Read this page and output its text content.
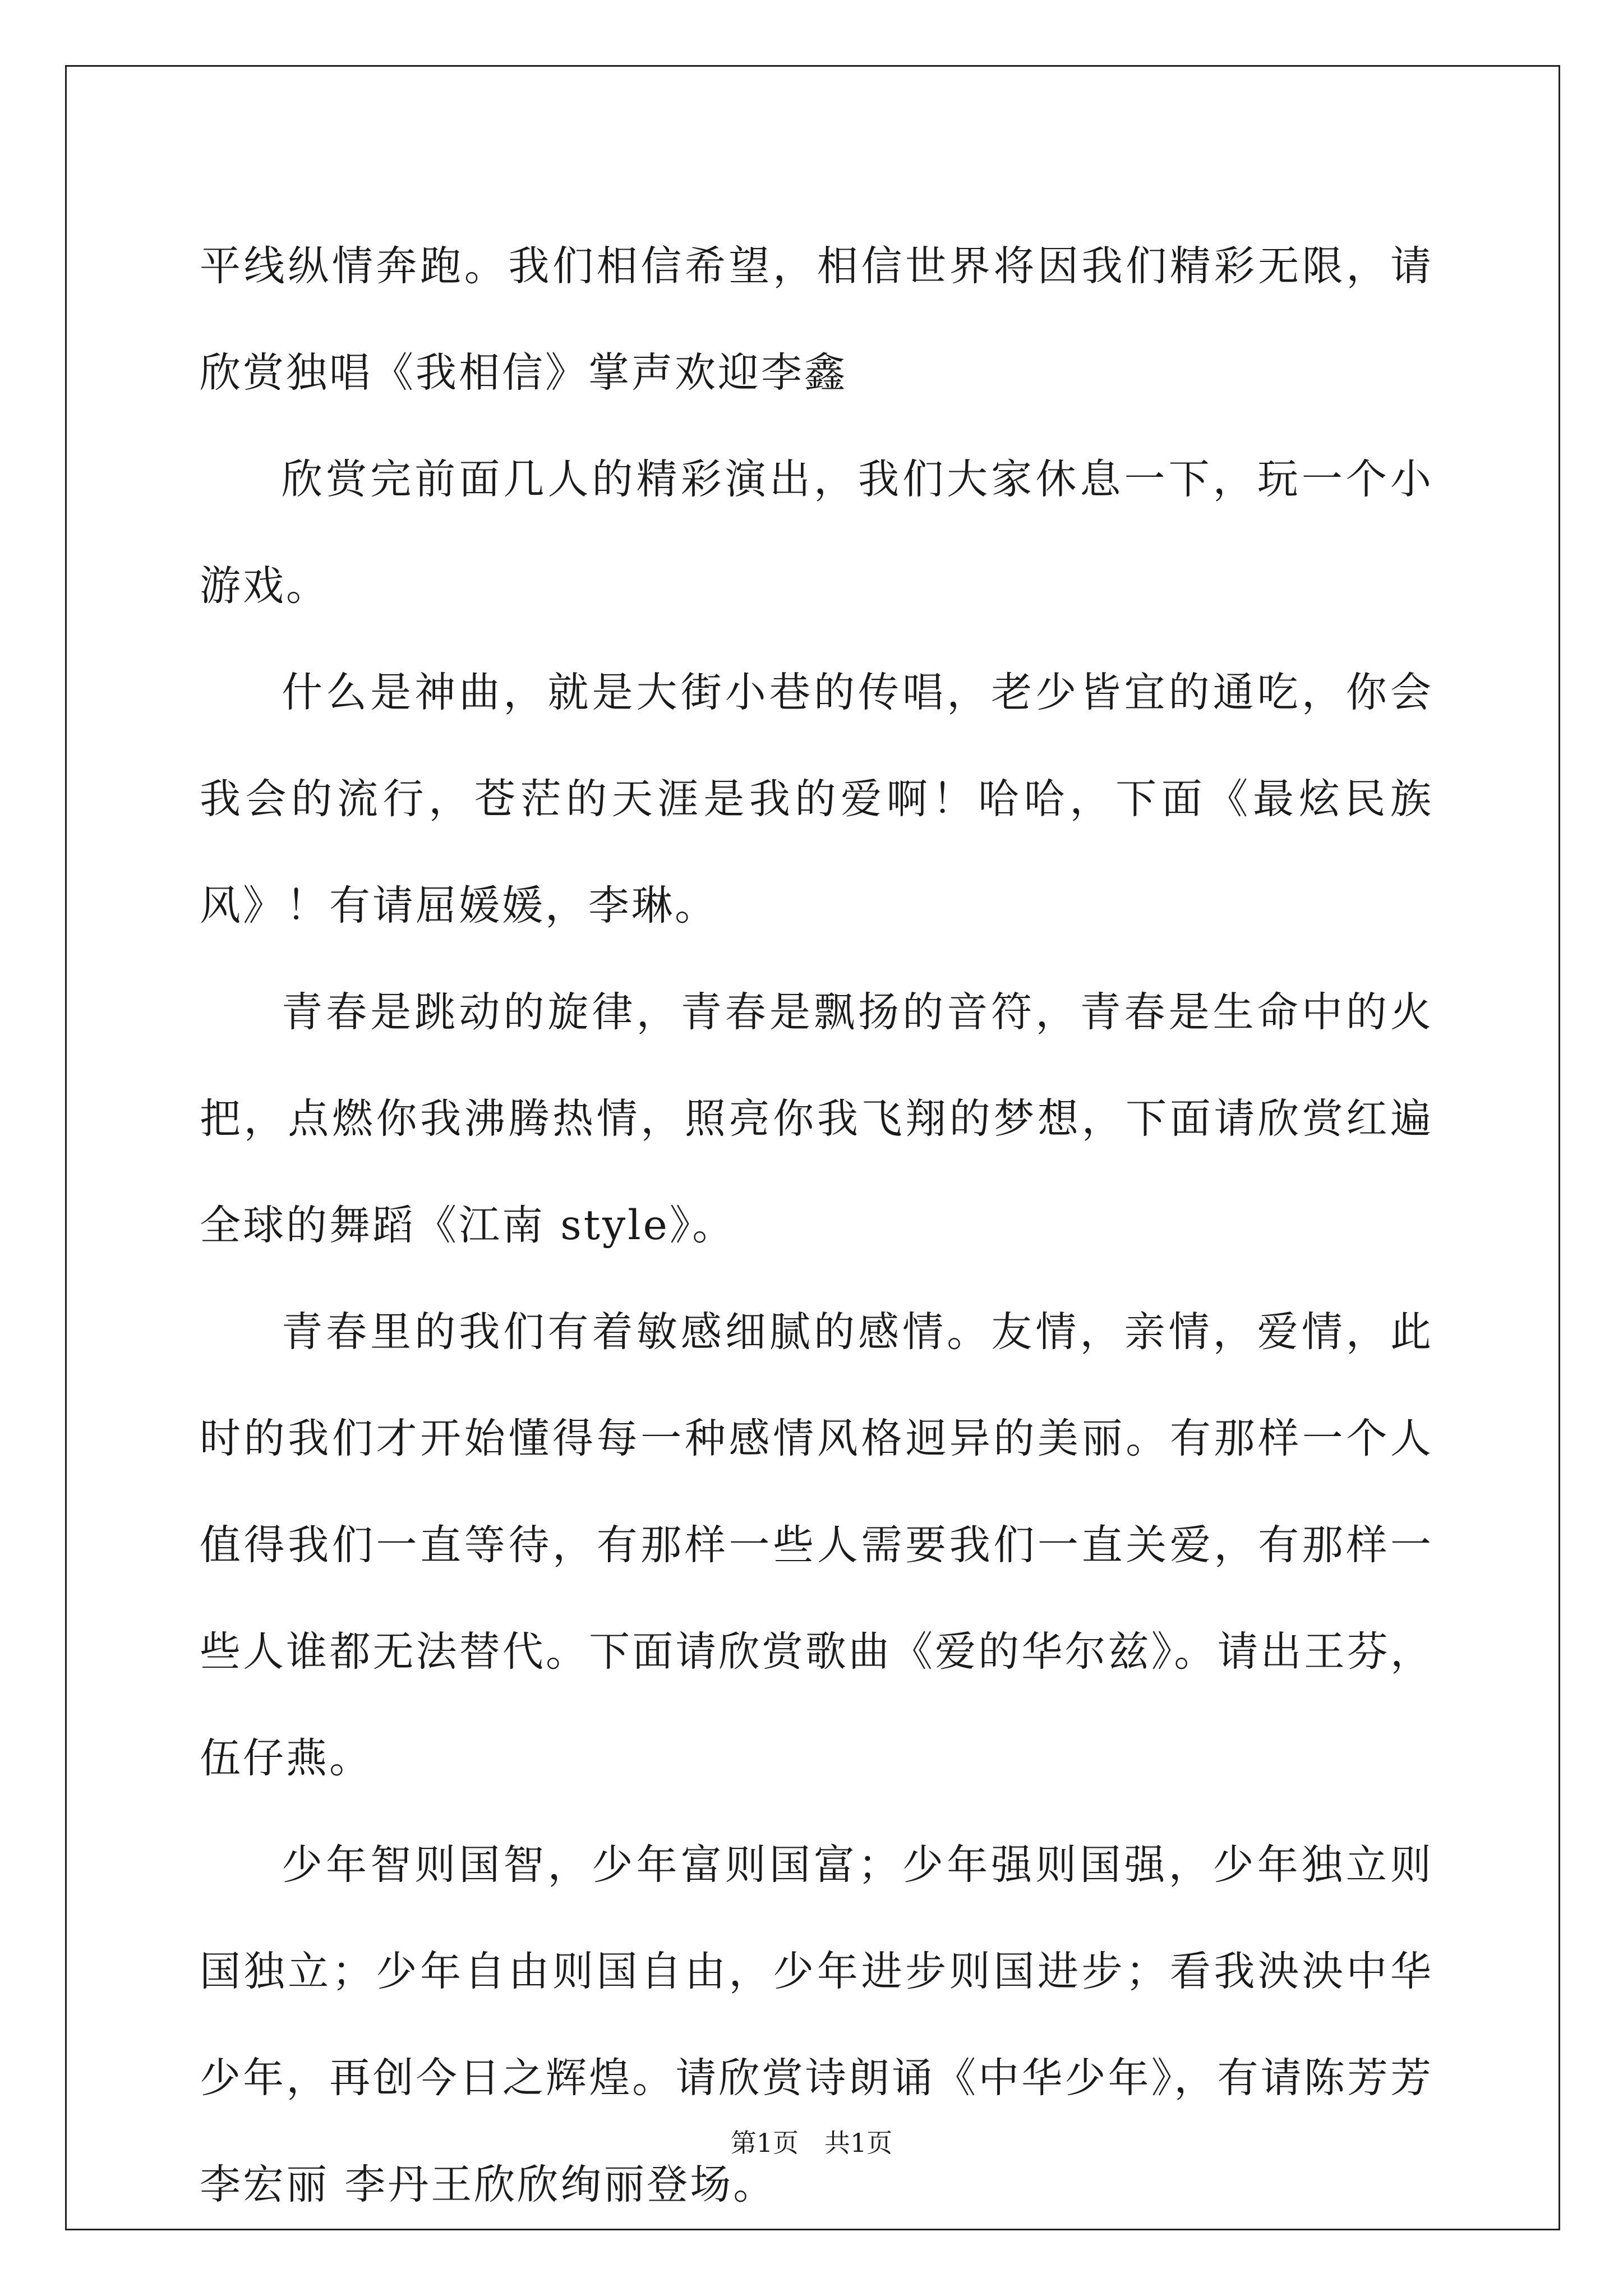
平线纵情奔跑。我们相信希望，相信世界将因我们精彩无限，请欣赏独唱《我相信》掌声欢迎李鑫

欣赏完前面几人的精彩演出，我们大家休息一下，玩一个小游戏。

什么是神曲，就是大街小巷的传唱，老少皆宜的通吃，你会我会的流行，苍茫的天涯是我的爱啊！哈哈，下面《最炫民族风》！有请屈媛媛，李琳。

青春是跳动的旋律，青春是飘扬的音符，青春是生命中的火把，点燃你我沸腾热情，照亮你我飞翔的梦想，下面请欣赏红遍全球的舞蹈《江南 style》。

青春里的我们有着敏感细腻的感情。友情，亲情，爱情，此时的我们才开始懂得每一种感情风格迥异的美丽。有那样一个人值得我们一直等待，有那样一些人需要我们一直关爱，有那样一些人谁都无法替代。下面请欣赏歌曲《爱的华尔兹》。请出王芬，伍仔燕。

少年智则国智，少年富则国富；少年强则国强，少年独立则国独立；少年自由则国自由，少年进步则国进步；看我泱泱中华少年，再创今日之辉煌。请欣赏诗朗诵《中华少年》，有请陈芳芳 李宏丽 李丹王欣欣绚丽登场。

第1页　共1页
